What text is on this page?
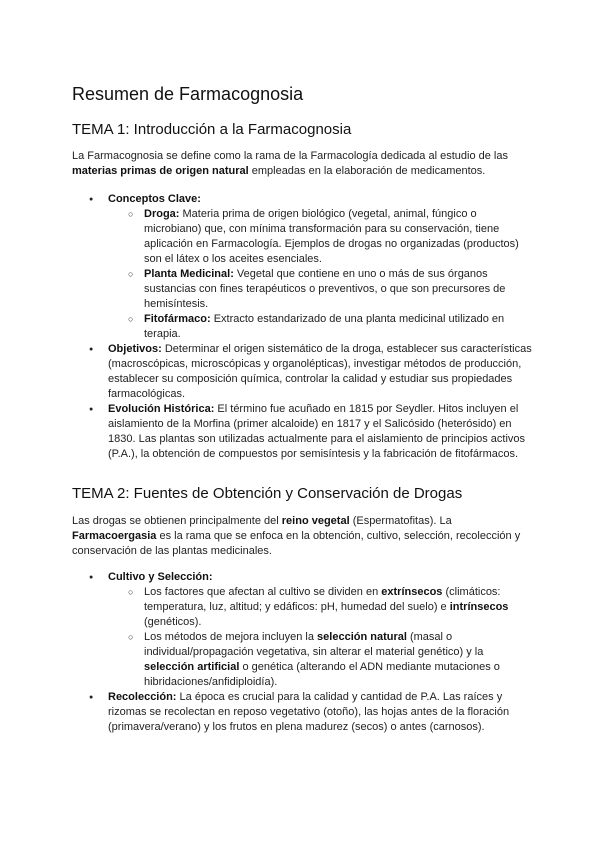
Resumen de Farmacognosia
TEMA 1: Introducción a la Farmacognosia

La Farmacognosia se define como la rama de la Farmacología dedicada al estudio de las materias primas de origen natural empleadas en la elaboración de medicamentos.

● Conceptos Clave:
○ Droga: Materia prima de origen biológico (vegetal, animal, fúngico o microbiano) que, con mínima transformación para su conservación, tiene aplicación en Farmacología. Ejemplos de drogas no organizadas (productos) son el látex o los aceites esenciales.
○ Planta Medicinal: Vegetal que contiene en uno o más de sus órganos sustancias con fines terapéuticos o preventivos, o que son precursores de hemisíntesis.
○ Fitofármaco: Extracto estandarizado de una planta medicinal utilizado en terapia.
● Objetivos: Determinar el origen sistemático de la droga, establecer sus características (macroscópicas, microscópicas y organolépticas), investigar métodos de producción, establecer su composición química, controlar la calidad y estudiar sus propiedades farmacológicas.
● Evolución Histórica: El término fue acuñado en 1815 por Seydler. Hitos incluyen el aislamiento de la Morfina (primer alcaloide) en 1817 y el Salicósido (heterósido) en 1830. Las plantas son utilizadas actualmente para el aislamiento de principios activos (P.A.), la obtención de compuestos por semisíntesis y la fabricación de fitofármacos.
TEMA 2: Fuentes de Obtención y Conservación de Drogas

Las drogas se obtienen principalmente del reino vegetal (Espermatofitas). La Farmacoergasia es la rama que se enfoca en la obtención, cultivo, selección, recolección y conservación de las plantas medicinales.

● Cultivo y Selección:
○ Los factores que afectan al cultivo se dividen en extrínsecos (climáticos: temperatura, luz, altitud; y edáficos: pH, humedad del suelo) e intrínsecos (genéticos).
○ Los métodos de mejora incluyen la selección natural (masal o individual/propagación vegetativa, sin alterar el material genético) y la selección artificial o genética (alterando el ADN mediante mutaciones o hibridaciones/anfidiploidía).
● Recolección: La época es crucial para la calidad y cantidad de P.A. Las raíces y rizomas se recolectan en reposo vegetativo (otoño), las hojas antes de la floración (primavera/verano) y los frutos en plena madurez (secos) o antes (carnosos).
